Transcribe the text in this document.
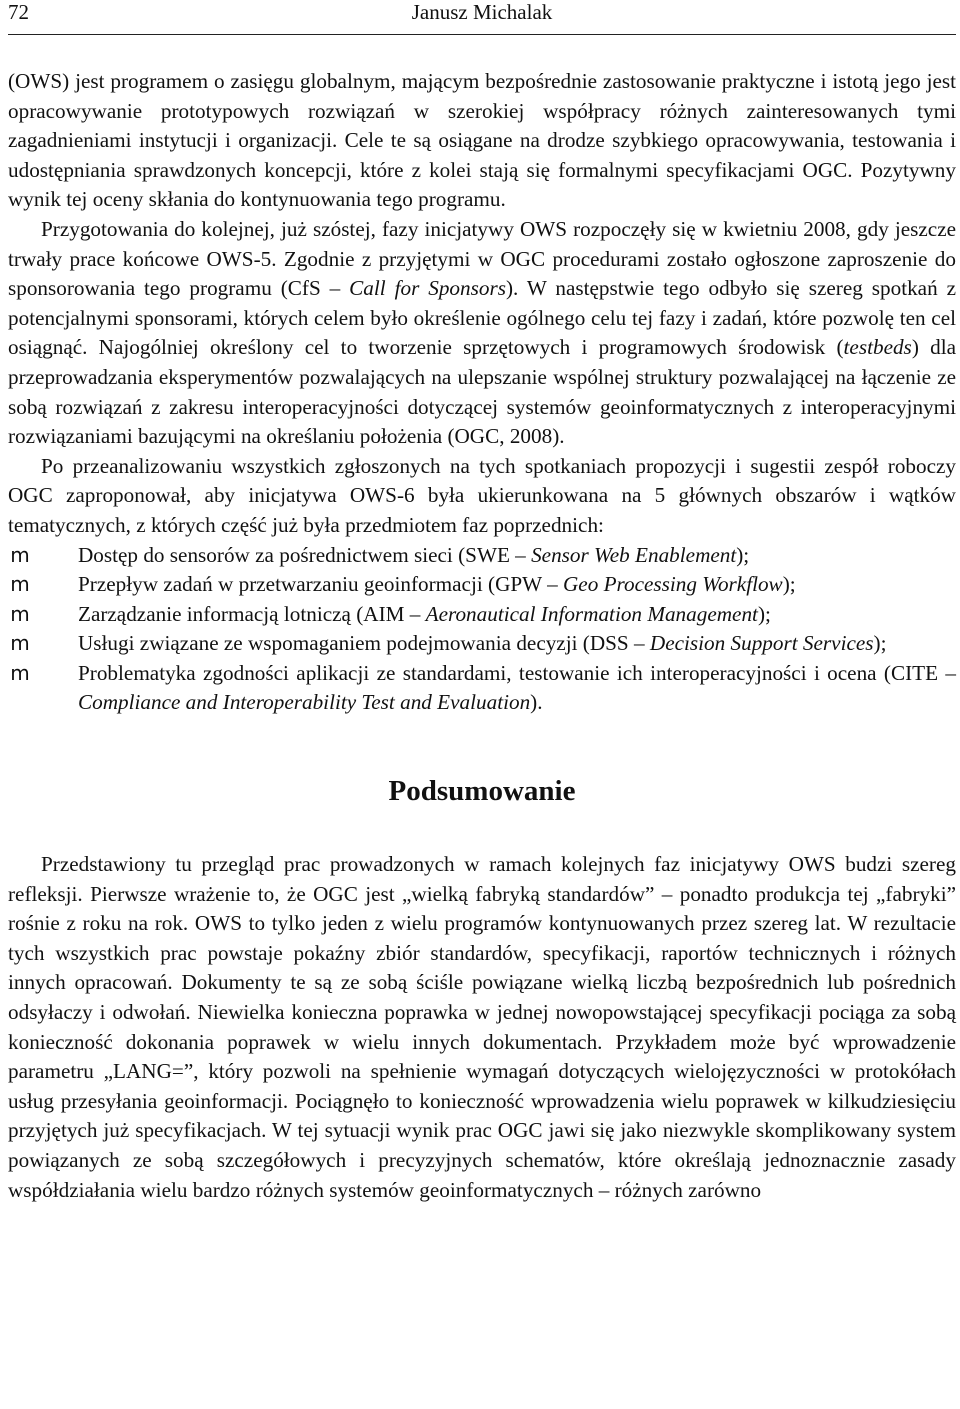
72	Janusz Michalak

(OWS) jest programem o zasięgu globalnym, mającym bezpośrednie zastosowanie praktyczne i istotą jego jest opracowywanie prototypowych rozwiązań w szerokiej współpracy różnych zainteresowanych tymi zagadnieniami instytucji i organizacji. Cele te są osiągane na drodze szybkiego opracowywania, testowania i udostępniania sprawdzonych koncepcji, które z kolei stają się formalnymi specyfikacjami OGC. Pozytywny wynik tej oceny skłania do kontynuowania tego programu.

Przygotowania do kolejnej, już szóstej, fazy inicjatywy OWS rozpoczęły się w kwietniu 2008, gdy jeszcze trwały prace końcowe OWS-5. Zgodnie z przyjętymi w OGC procedurami zostało ogłoszone zaproszenie do sponsorowania tego programu (CfS – Call for Sponsors). W następstwie tego odbyło się szereg spotkań z potencjalnymi sponsorami, których celem było określenie ogólnego celu tej fazy i zadań, które pozwolę ten cel osiągnąć. Najogólniej określony cel to tworzenie sprzętowych i programowych środowisk (testbeds) dla przeprowadzania eksperymentów pozwalających na ulepszanie wspólnej struktury pozwalającej na łączenie ze sobą rozwiązań z zakresu interoperacyjności dotyczącej systemów geoinformatycznych z interoperacyjnymi rozwiązaniami bazującymi na określaniu położenia (OGC, 2008).

Po przeanalizowaniu wszystkich zgłoszonych na tych spotkaniach propozycji i sugestii zespół roboczy OGC zaproponował, aby inicjatywa OWS-6 była ukierunkowana na 5 głównych obszarów i wątków tematycznych, z których część już była przedmiotem faz poprzednich:

m Dostęp do sensorów za pośrednictwem sieci (SWE – Sensor Web Enablement);
m Przepływ zadań w przetwarzaniu geoinformacji (GPW – Geo Processing Workflow);
m Zarządzanie informacją lotniczą (AIM – Aeronautical Information Management);
m Usługi związane ze wspomaganiem podejmowania decyzji (DSS – Decision Support Services);
m Problematyka zgodności aplikacji ze standardami, testowanie ich interoperacyjności i ocena (CITE – Compliance and Interoperability Test and Evaluation).
Podsumowanie

Przedstawiony tu przegląd prac prowadzonych w ramach kolejnych faz inicjatywy OWS budzi szereg refleksji. Pierwsze wrażenie to, że OGC jest „wielką fabryką standardów” – ponadto produkcja tej „fabryki” rośnie z roku na rok. OWS to tylko jeden z wielu programów kontynuowanych przez szereg lat. W rezultacie tych wszystkich prac powstaje pokaźny zbiór standardów, specyfikacji, raportów technicznych i różnych innych opracowań. Dokumenty te są ze sobą ściśle powiązane wielką liczbą bezpośrednich lub pośrednich odsyłaczy i odwołań. Niewielka konieczna poprawka w jednej nowopowstającej specyfikacji pociąga za sobą konieczność dokonania poprawek w wielu innych dokumentach. Przykładem może być wprowadzenie parametru „LANG=”, który pozwoli na spełnienie wymagań dotyczących wielojęzyczności w protokółach usług przesyłania geoinformacji. Pociągnęło to konieczność wprowadzenia wielu poprawek w kilkudziesięciu przyjętych już specyfikacjach. W tej sytuacji wynik prac OGC jawi się jako niezwykle skomplikowany system powiązanych ze sobą szczegółowych i precyzyjnych schematów, które określają jednoznacznie zasady współdziałania wielu bardzo różnych systemów geoinformatycznych – różnych zarówno
